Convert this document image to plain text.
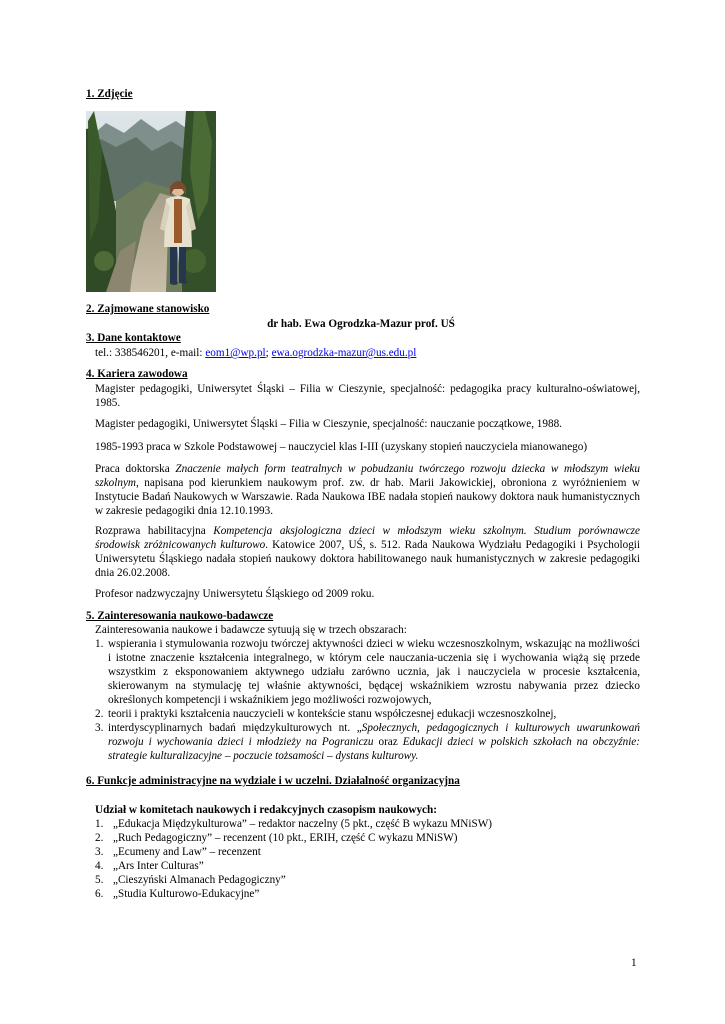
1. Zdjęcie
2. Zajmowane stanowisko
dr hab. Ewa Ogrodzka-Mazur prof. UŚ
3. Dane kontaktowe
tel.: 338546201, e-mail: eom1@wp.pl; ewa.ogrodzka-mazur@us.edu.pl
4. Kariera zawodowa
Magister pedagogiki, Uniwersytet Śląski – Filia w Cieszynie, specjalność: pedagogika pracy kulturalno-oświatowej, 1985.
Magister pedagogiki, Uniwersytet Śląski – Filia w Cieszynie, specjalność: nauczanie początkowe, 1988.
1985-1993 praca w Szkole Podstawowej – nauczyciel klas I-III (uzyskany stopień nauczyciela mianowanego)
Praca doktorska Znaczenie małych form teatralnych w pobudzaniu twórczego rozwoju dziecka w młodszym wieku szkolnym, napisana pod kierunkiem naukowym prof. zw. dr hab. Marii Jakowickiej, obroniona z wyróżnieniem w Instytucie Badań Naukowych w Warszawie. Rada Naukowa IBE nadała stopień naukowy doktora nauk humanistycznych w zakresie pedagogiki dnia 12.10.1993.
Rozprawa habilitacyjna Kompetencja aksjologiczna dzieci w młodszym wieku szkolnym. Studium porównawcze środowisk zróżnicowanych kulturowo. Katowice 2007, UŚ, s. 512. Rada Naukowa Wydziału Pedagogiki i Psychologii Uniwersytetu Śląskiego nadała stopień naukowy doktora habilitowanego nauk humanistycznych w zakresie pedagogiki dnia 26.02.2008.
Profesor nadzwyczajny Uniwersytetu Śląskiego od 2009 roku.
5. Zainteresowania naukowo-badawcze
Zainteresowania naukowe i badawcze sytuują się w trzech obszarach:
1. wspierania i stymulowania rozwoju twórczej aktywności dzieci w wieku wczesnoszkolnym, wskazując na możliwości i istotne znaczenie kształcenia integralnego, w którym cele nauczania-uczenia się i wychowania wiążą się przede wszystkim z eksponowaniem aktywnego udziału zarówno ucznia, jak i nauczyciela w procesie kształcenia, skierowanym na stymulację tej właśnie aktywności, będącej wskaźnikiem wzrostu nabywania przez dziecko określonych kompetencji i wskaźnikiem jego możliwości rozwojowych,
2. teorii i praktyki kształcenia nauczycieli w kontekście stanu współczesnej edukacji wczesnoszkolnej,
3. interdyscyplinarnych badań międzykulturowych nt. „Społecznych, pedagogicznych i kulturowych uwarunkowań rozwoju i wychowania dzieci i młodzieży na Pograniczu oraz Edukacji dzieci w polskich szkołach na obczyźnie: strategie kulturalizacyjne – poczucie tożsamości – dystans kulturowy.
6. Funkcje administracyjne na wydziale i w uczelni. Działalność organizacyjna
Udział w komitetach naukowych i redakcyjnych czasopism naukowych:
1. „Edukacja Międzykulturowa” – redaktor naczelny (5 pkt., część B wykazu MNiSW)
2. „Ruch Pedagogiczny” – recenzent (10 pkt., ERIH, część C wykazu MNiSW)
3. „Ecumeny and Law” – recenzent
4. „Ars Inter Culturas”
5. „Cieszyński Almanach Pedagogiczny”
6. „Studia Kulturowo-Edukacyjne”
1
